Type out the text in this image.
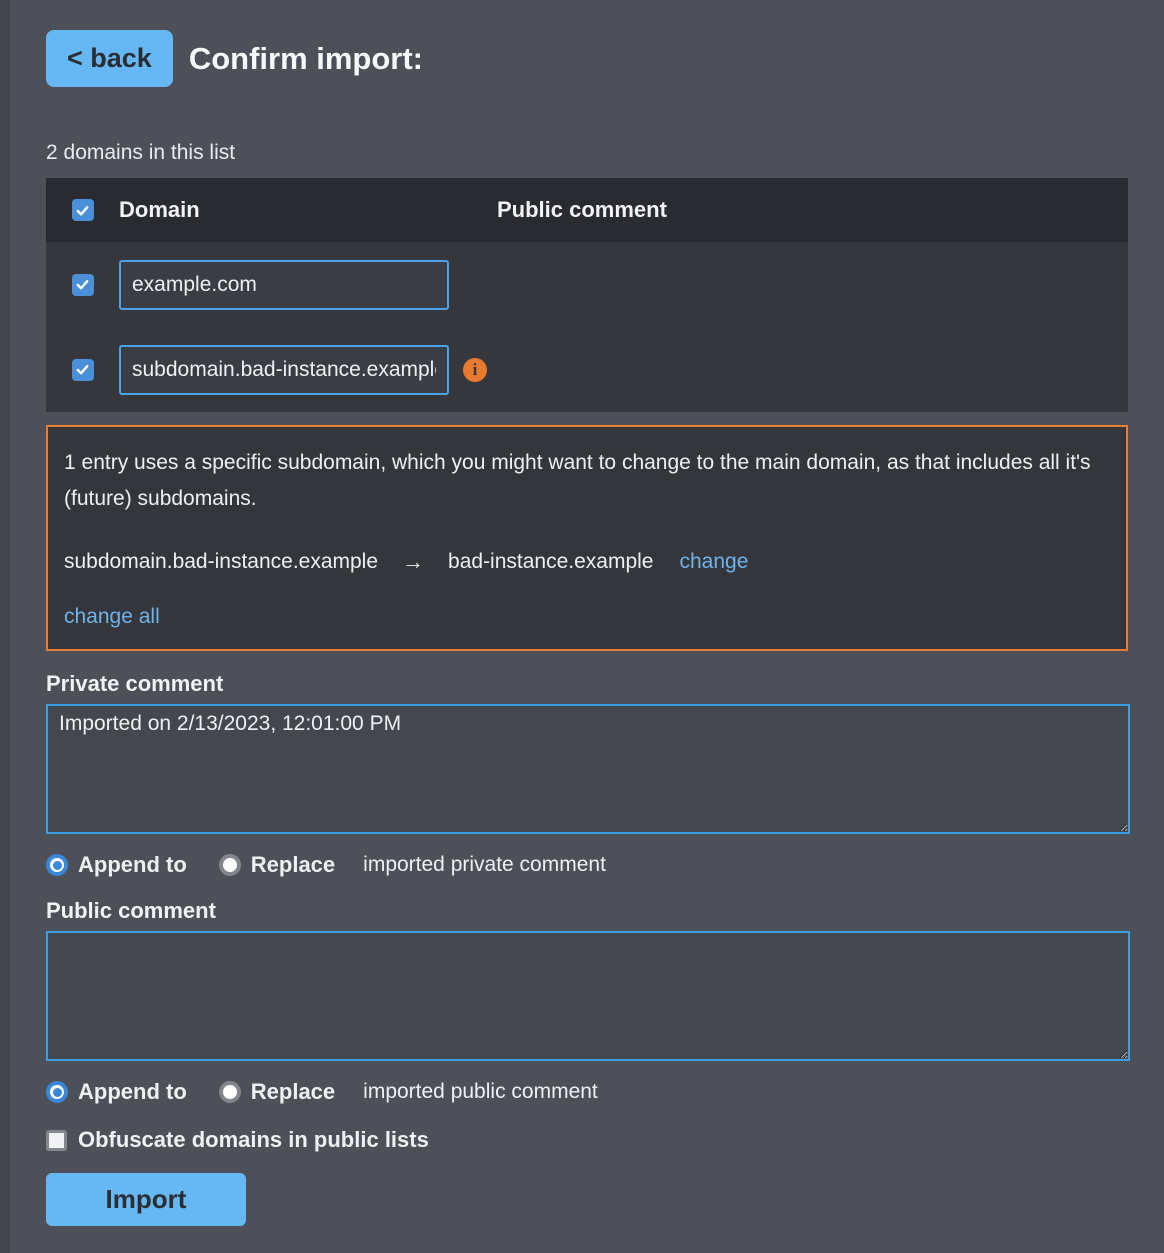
< back	Confirm import:
2 domains in this list
Domain	Public comment
example.com
subdomain.bad-instance.example
i

1 entry uses a specific subdomain, which you might want to change to the main domain, as that includes all it's (future) subdomains.

subdomain.bad-instance.example → bad-instance.example change
change all
Private comment
Imported on 2/13/2023, 12:01:00 PM
Append to	Replace imported private comment
Public comment
Append to	Replace imported public comment
Obfuscate domains in public lists
Import
